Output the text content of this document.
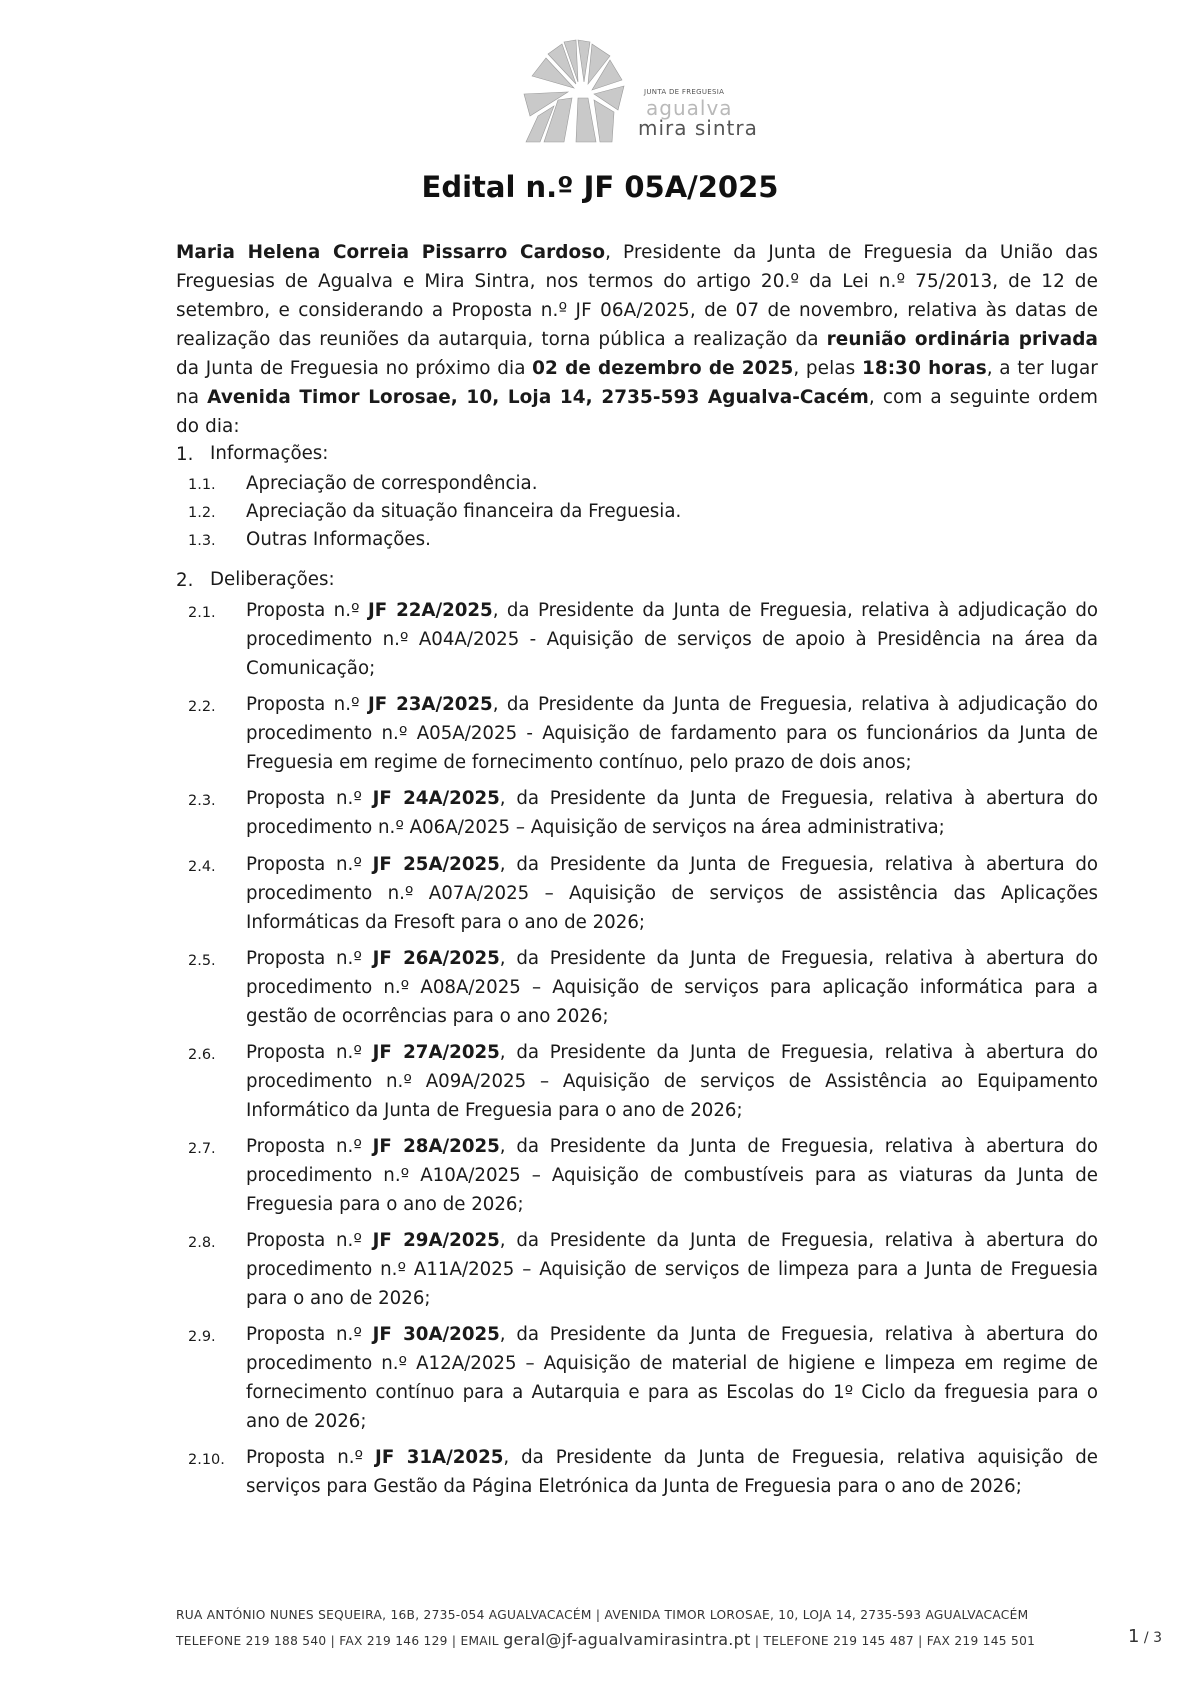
JUNTA DE FREGUESIA
agualva
mira sintra
Edital n.º JF 05A/2025

Maria Helena Correia Pissarro Cardoso, Presidente da Junta de Freguesia da União das Freguesias de Agualva e Mira Sintra, nos termos do artigo 20.º da Lei n.º 75/2013, de 12 de setembro, e considerando a Proposta n.º JF 06A/2025, de 07 de novembro, relativa às datas de realização das reuniões da autarquia, torna pública a realização da reunião ordinária privada da Junta de Freguesia no próximo dia 02 de dezembro de 2025, pelas 18:30 horas, a ter lugar na Avenida Timor Lorosae, 10, Loja 14, 2735-593 Agualva-Cacém, com a seguinte ordem do dia:

1. Informações:
1.1. Apreciação de correspondência.
1.2. Apreciação da situação financeira da Freguesia.
1.3. Outras Informações.
2. Deliberações:
2.1. Proposta n.º JF 22A/2025, da Presidente da Junta de Freguesia, relativa à adjudicação do procedimento n.º A04A/2025 - Aquisição de serviços de apoio à Presidência na área da Comunicação;

2.2. Proposta n.º JF 23A/2025, da Presidente da Junta de Freguesia, relativa à adjudicação do procedimento n.º A05A/2025 - Aquisição de fardamento para os funcionários da Junta de Freguesia em regime de fornecimento contínuo, pelo prazo de dois anos;

2.3. Proposta n.º JF 24A/2025, da Presidente da Junta de Freguesia, relativa à abertura do procedimento n.º A06A/2025 – Aquisição de serviços na área administrativa;

2.4. Proposta n.º JF 25A/2025, da Presidente da Junta de Freguesia, relativa à abertura do procedimento n.º A07A/2025 – Aquisição de serviços de assistência das Aplicações Informáticas da Fresoft para o ano de 2026;

2.5. Proposta n.º JF 26A/2025, da Presidente da Junta de Freguesia, relativa à abertura do procedimento n.º A08A/2025 – Aquisição de serviços para aplicação informática para a gestão de ocorrências para o ano 2026;

2.6. Proposta n.º JF 27A/2025, da Presidente da Junta de Freguesia, relativa à abertura do procedimento n.º A09A/2025 – Aquisição de serviços de Assistência ao Equipamento Informático da Junta de Freguesia para o ano de 2026;

2.7. Proposta n.º JF 28A/2025, da Presidente da Junta de Freguesia, relativa à abertura do procedimento n.º A10A/2025 – Aquisição de combustíveis para as viaturas da Junta de Freguesia para o ano de 2026;

2.8. Proposta n.º JF 29A/2025, da Presidente da Junta de Freguesia, relativa à abertura do procedimento n.º A11A/2025 – Aquisição de serviços de limpeza para a Junta de Freguesia para o ano de 2026;

2.9. Proposta n.º JF 30A/2025, da Presidente da Junta de Freguesia, relativa à abertura do procedimento n.º A12A/2025 – Aquisição de material de higiene e limpeza em regime de fornecimento contínuo para a Autarquia e para as Escolas do 1º Ciclo da freguesia para o ano de 2026;

2.10. Proposta n.º JF 31A/2025, da Presidente da Junta de Freguesia, relativa aquisição de serviços para Gestão da Página Eletrónica da Junta de Freguesia para o ano de 2026;

RUA ANTÓNIO NUNES SEQUEIRA, 16B, 2735-054 AGUALVACACÉM | AVENIDA TIMOR LOROSAE, 10, LOJA 14, 2735-593 AGUALVACACÉM
TELEFONE 219 188 540 | FAX 219 146 129 | EMAIL geral@jf-agualvamirasintra.pt | TELEFONE 219 145 487 | FAX 219 145 501	1 / 3
